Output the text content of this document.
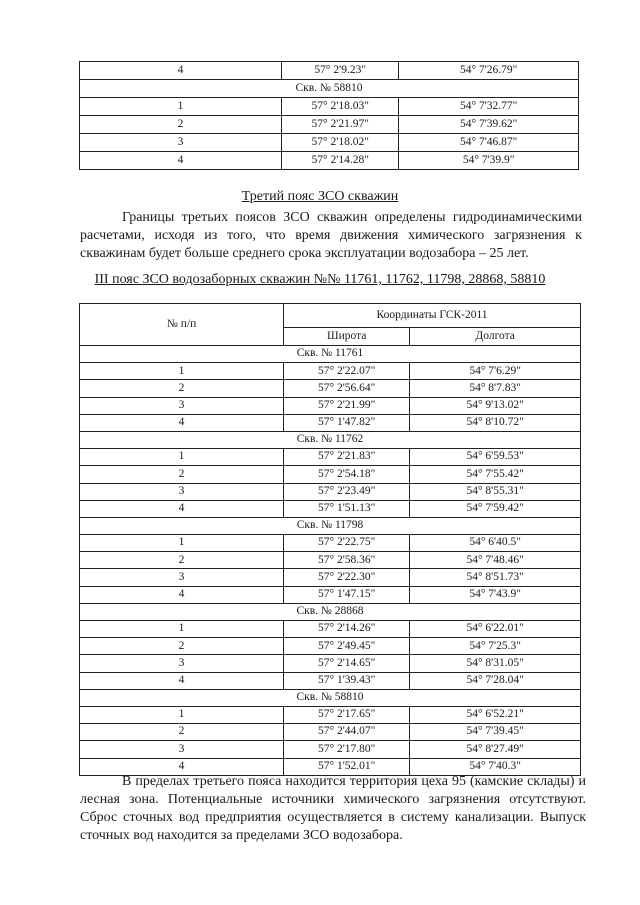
4	57° 2'9.23"	54° 7'26.79"
Скв. № 58810		
1	57° 2'18.03"	54° 7'32.77"
2	57° 2'21.97"	54° 7'39.62"
3	57° 2'18.02"	54° 7'46.87"
4	57° 2'14.28"	54° 7'39.9"
Третий пояс ЗСО скважин
Границы третьих поясов ЗСО скважин определены гидродинамическими расчетами, исходя из того, что время движения химического загрязнения к скважинам будет больше среднего срока эксплуатации водозабора – 25 лет.
III пояс ЗСО водозаборных скважин №№ 11761, 11762, 11798, 28868, 58810
№ п/п	Координаты ГСК-2011	
	Широта	Долгота
Скв. № 11761		
1	57° 2'22.07"	54° 7'6.29"
2	57° 2'56.64"	54° 8'7.83"
3	57° 2'21.99"	54° 9'13.02"
4	57° 1'47.82"	54° 8'10.72"
Скв. № 11762		
1	57° 2'21.83"	54° 6'59.53"
2	57° 2'54.18"	54° 7'55.42"
3	57° 2'23.49"	54° 8'55.31"
4	57° 1'51.13"	54° 7'59.42"
Скв. № 11798		
1	57° 2'22.75"	54° 6'40.5"
2	57° 2'58.36"	54° 7'48.46"
3	57° 2'22.30"	54° 8'51.73"
4	57° 1'47.15"	54° 7'43.9"
Скв. № 28868		
1	57° 2'14.26"	54° 6'22.01"
2	57° 2'49.45"	54° 7'25.3"
3	57° 2'14.65"	54° 8'31.05"
4	57° 1'39.43"	54° 7'28.04"
Скв. № 58810		
1	57° 2'17.65"	54° 6'52.21"
2	57° 2'44.07"	54° 7'39.45"
3	57° 2'17.80"	54° 8'27.49"
4	57° 1'52.01"	54° 7'40.3"
В пределах третьего пояса находится территория цеха 95 (камские склады) и лесная зона. Потенциальные источники химического загрязнения отсутствуют. Сброс сточных вод предприятия осуществляется в систему канализации. Выпуск сточных вод находится за пределами ЗСО водозабора.
